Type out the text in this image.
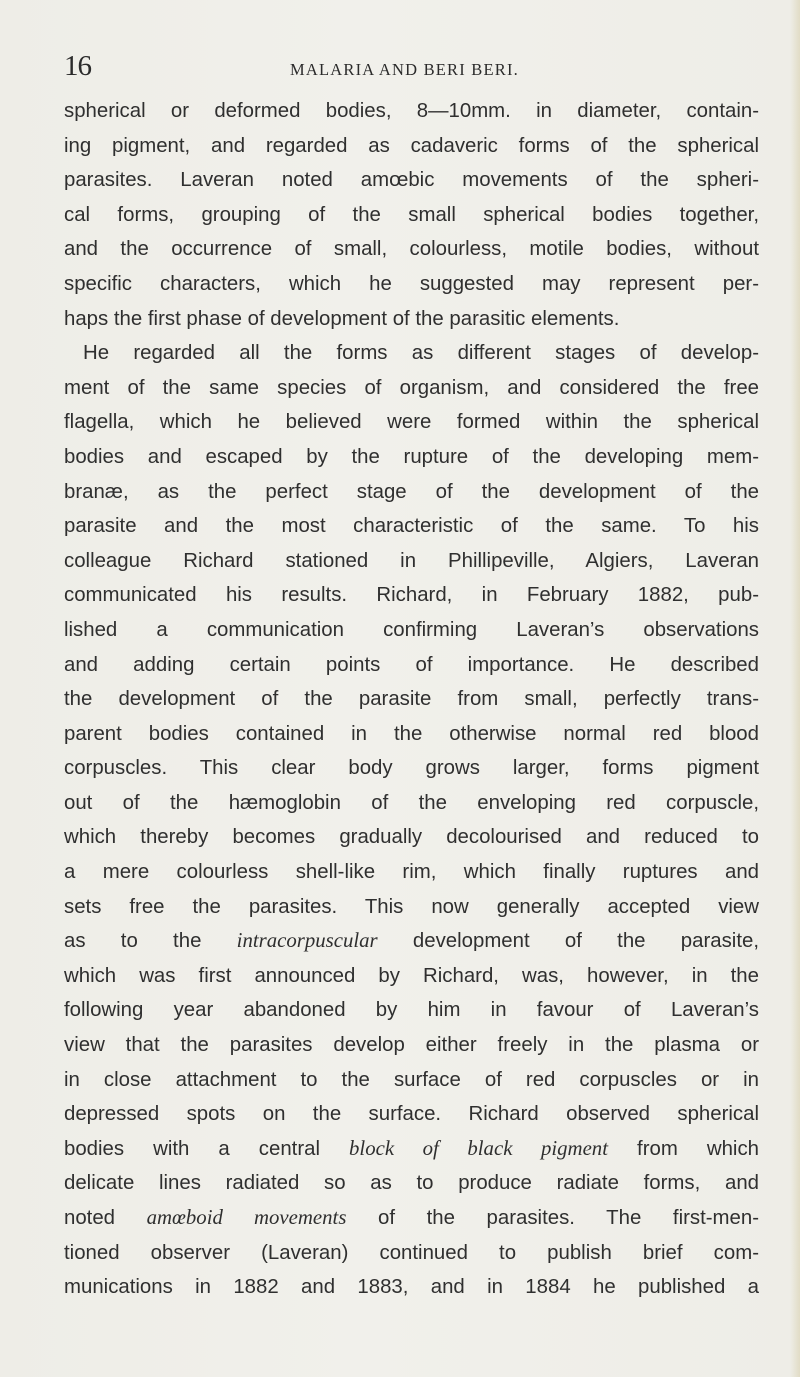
16	MALARIA AND BERI BERI.
spherical or deformed bodies, 8—10mm. in diameter, contain-
ing pigment, and regarded as cadaveric forms of the spherical
parasites. Laveran noted amœbic movements of the spheri-
cal forms, grouping of the small spherical bodies together,
and the occurrence of small, colourless, motile bodies, without
specific characters, which he suggested may represent per-
haps the first phase of development of the parasitic elements.
He regarded all the forms as different stages of develop-
ment of the same species of organism, and considered the free
flagella, which he believed were formed within the spherical
bodies and escaped by the rupture of the developing mem-
branæ, as the perfect stage of the development of the
parasite and the most characteristic of the same. To his
colleague Richard stationed in Phillipeville, Algiers, Laveran
communicated his results. Richard, in February 1882, pub-
lished a communication confirming Laveran’s observations
and adding certain points of importance. He described
the development of the parasite from small, perfectly trans-
parent bodies contained in the otherwise normal red blood
corpuscles. This clear body grows larger, forms pigment
out of the hæmoglobin of the enveloping red corpuscle,
which thereby becomes gradually decolourised and reduced to
a mere colourless shell-like rim, which finally ruptures and
sets free the parasites. This now generally accepted view
as to the intracorpuscular development of the parasite,
which was first announced by Richard, was, however, in the
following year abandoned by him in favour of Laveran’s
view that the parasites develop either freely in the plasma or
in close attachment to the surface of red corpuscles or in
depressed spots on the surface. Richard observed spherical
bodies with a central block of black pigment from which
delicate lines radiated so as to produce radiate forms, and
noted amœboid movements of the parasites. The first-men-
tioned observer (Laveran) continued to publish brief com-
munications in 1882 and 1883, and in 1884 he published a
